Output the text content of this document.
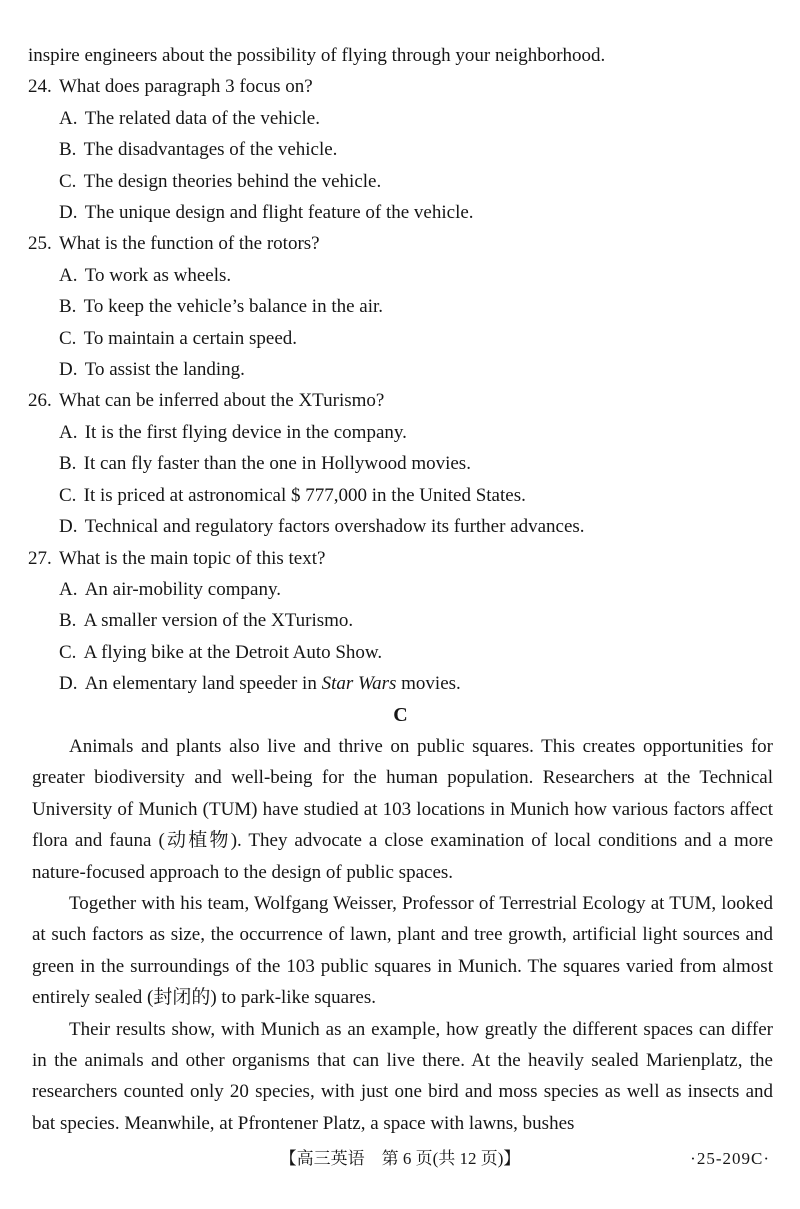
inspire engineers about the possibility of flying through your neighborhood.
24. What does paragraph 3 focus on?
A. The related data of the vehicle.
B. The disadvantages of the vehicle.
C. The design theories behind the vehicle.
D. The unique design and flight feature of the vehicle.
25. What is the function of the rotors?
A. To work as wheels.
B. To keep the vehicle’s balance in the air.
C. To maintain a certain speed.
D. To assist the landing.
26. What can be inferred about the XTurismo?
A. It is the first flying device in the company.
B. It can fly faster than the one in Hollywood movies.
C. It is priced at astronomical $ 777,000 in the United States.
D. Technical and regulatory factors overshadow its further advances.
27. What is the main topic of this text?
A. An air-mobility company.
B. A smaller version of the XTurismo.
C. A flying bike at the Detroit Auto Show.
D. An elementary land speeder in Star Wars movies.
C

Animals and plants also live and thrive on public squares. This creates opportunities for greater biodiversity and well-being for the human population. Researchers at the Technical University of Munich (TUM) have studied at 103 locations in Munich how various factors affect flora and fauna (动植物). They advocate a close examination of local conditions and a more nature-focused approach to the design of public spaces.

Together with his team, Wolfgang Weisser, Professor of Terrestrial Ecology at TUM, looked at such factors as size, the occurrence of lawn, plant and tree growth, artificial light sources and green in the surroundings of the 103 public squares in Munich. The squares varied from almost entirely sealed (封闭的) to park-like squares.

Their results show, with Munich as an example, how greatly the different spaces can differ in the animals and other organisms that can live there. At the heavily sealed Marienplatz, the researchers counted only 20 species, with just one bird and moss species as well as insects and bat species. Meanwhile, at Pfrontener Platz, a space with lawns, bushes

【高三英语　第 6 页(共 12 页)】	·25-209C·
